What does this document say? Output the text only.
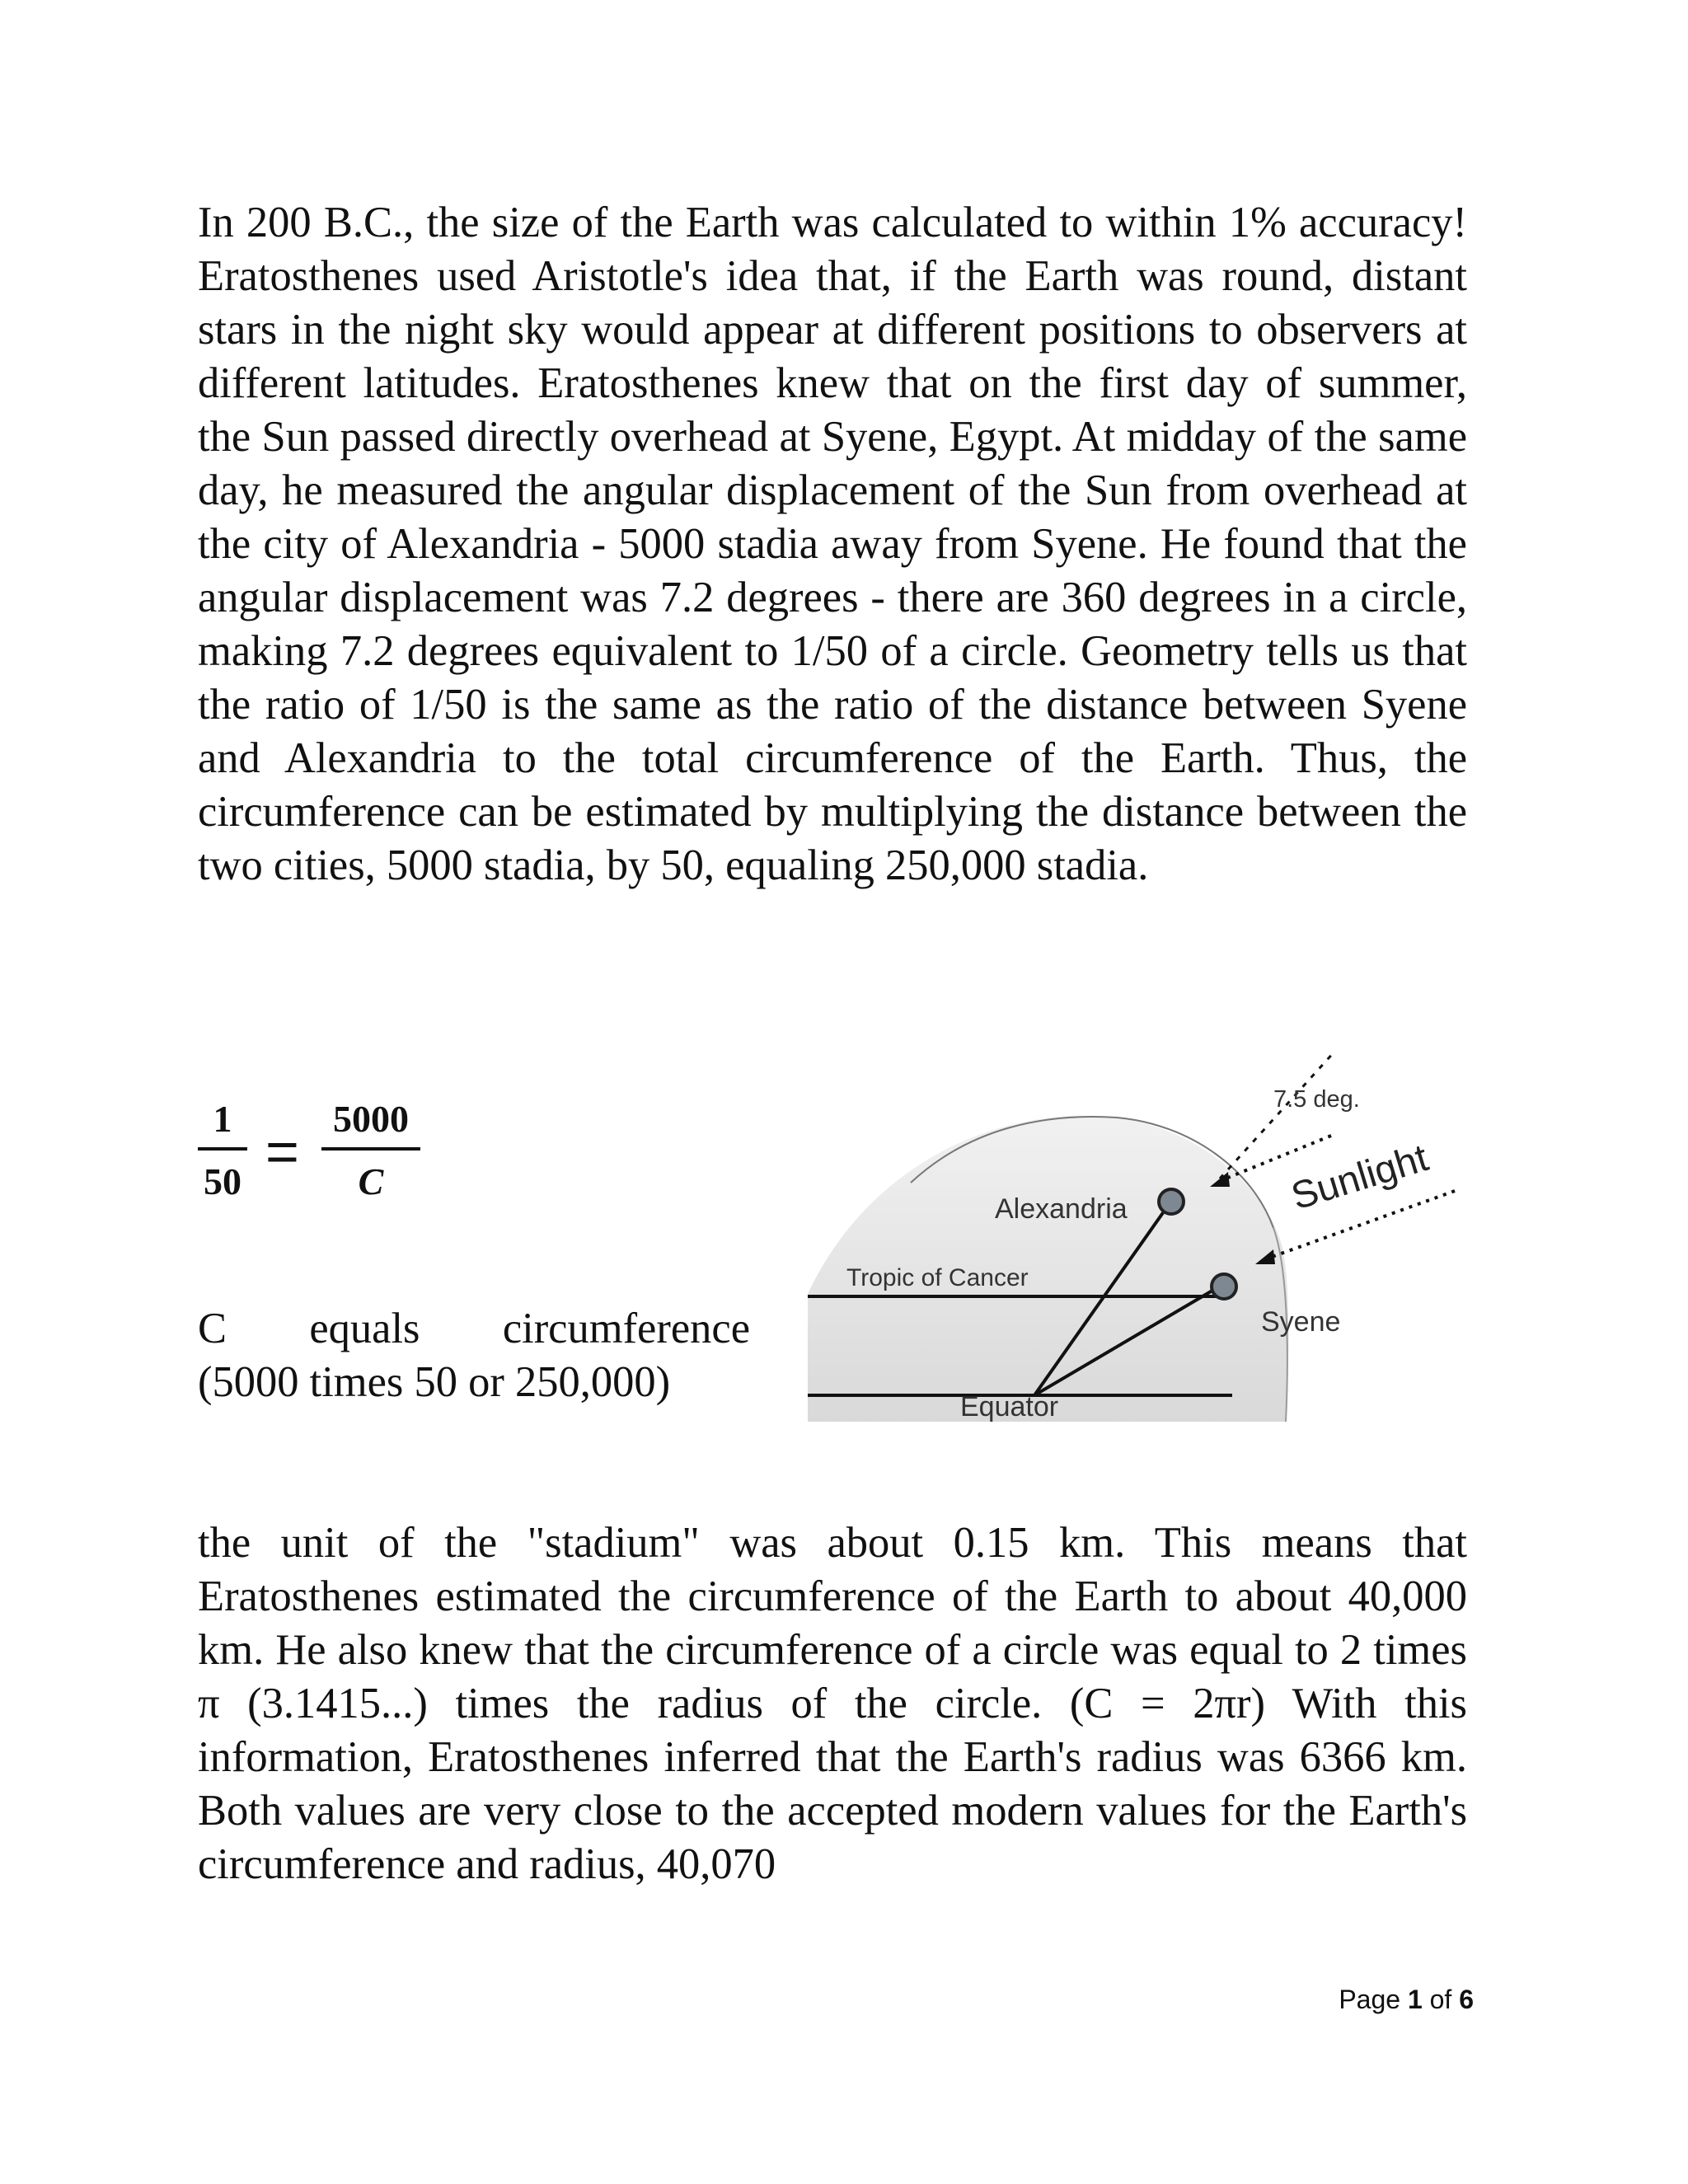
In 200 B.C., the size of the Earth was calculated to within 1% accuracy! Eratosthenes used Aristotle's idea that, if the Earth was round, distant stars in the night sky would appear at different positions to observers at different latitudes. Eratosthenes knew that on the first day of summer, the Sun passed directly overhead at Syene, Egypt. At midday of the same day, he measured the angular displacement of the Sun from overhead at the city of Alexandria - 5000 stadia away from Syene. He found that the angular displacement was 7.2 degrees - there are 360 degrees in a circle, making 7.2 degrees equivalent to 1/50 of a circle. Geometry tells us that the ratio of 1/50 is the same as the ratio of the distance between Syene and Alexandria to the total circumference of the Earth. Thus, the circumference can be estimated by multiplying the distance between the two cities, 5000 stadia, by 50, equaling 250,000 stadia.

1
50 =
5000
C
C equals circumference
(5000 times 50 or 250,000)
7.5 deg.
Sunlight
Alexandria
Tropic of Cancer
Syene
Equator

the unit of the "stadium" was about 0.15 km. This means that Eratosthenes estimated the circumference of the Earth to about 40,000 km. He also knew that the circumference of a circle was equal to 2 times π (3.1415...) times the radius of the circle. (C = 2πr) With this information, Eratosthenes inferred that the Earth's radius was 6366 km. Both values are very close to the accepted modern values for the Earth's circumference and radius, 40,070

Page 1 of 6
